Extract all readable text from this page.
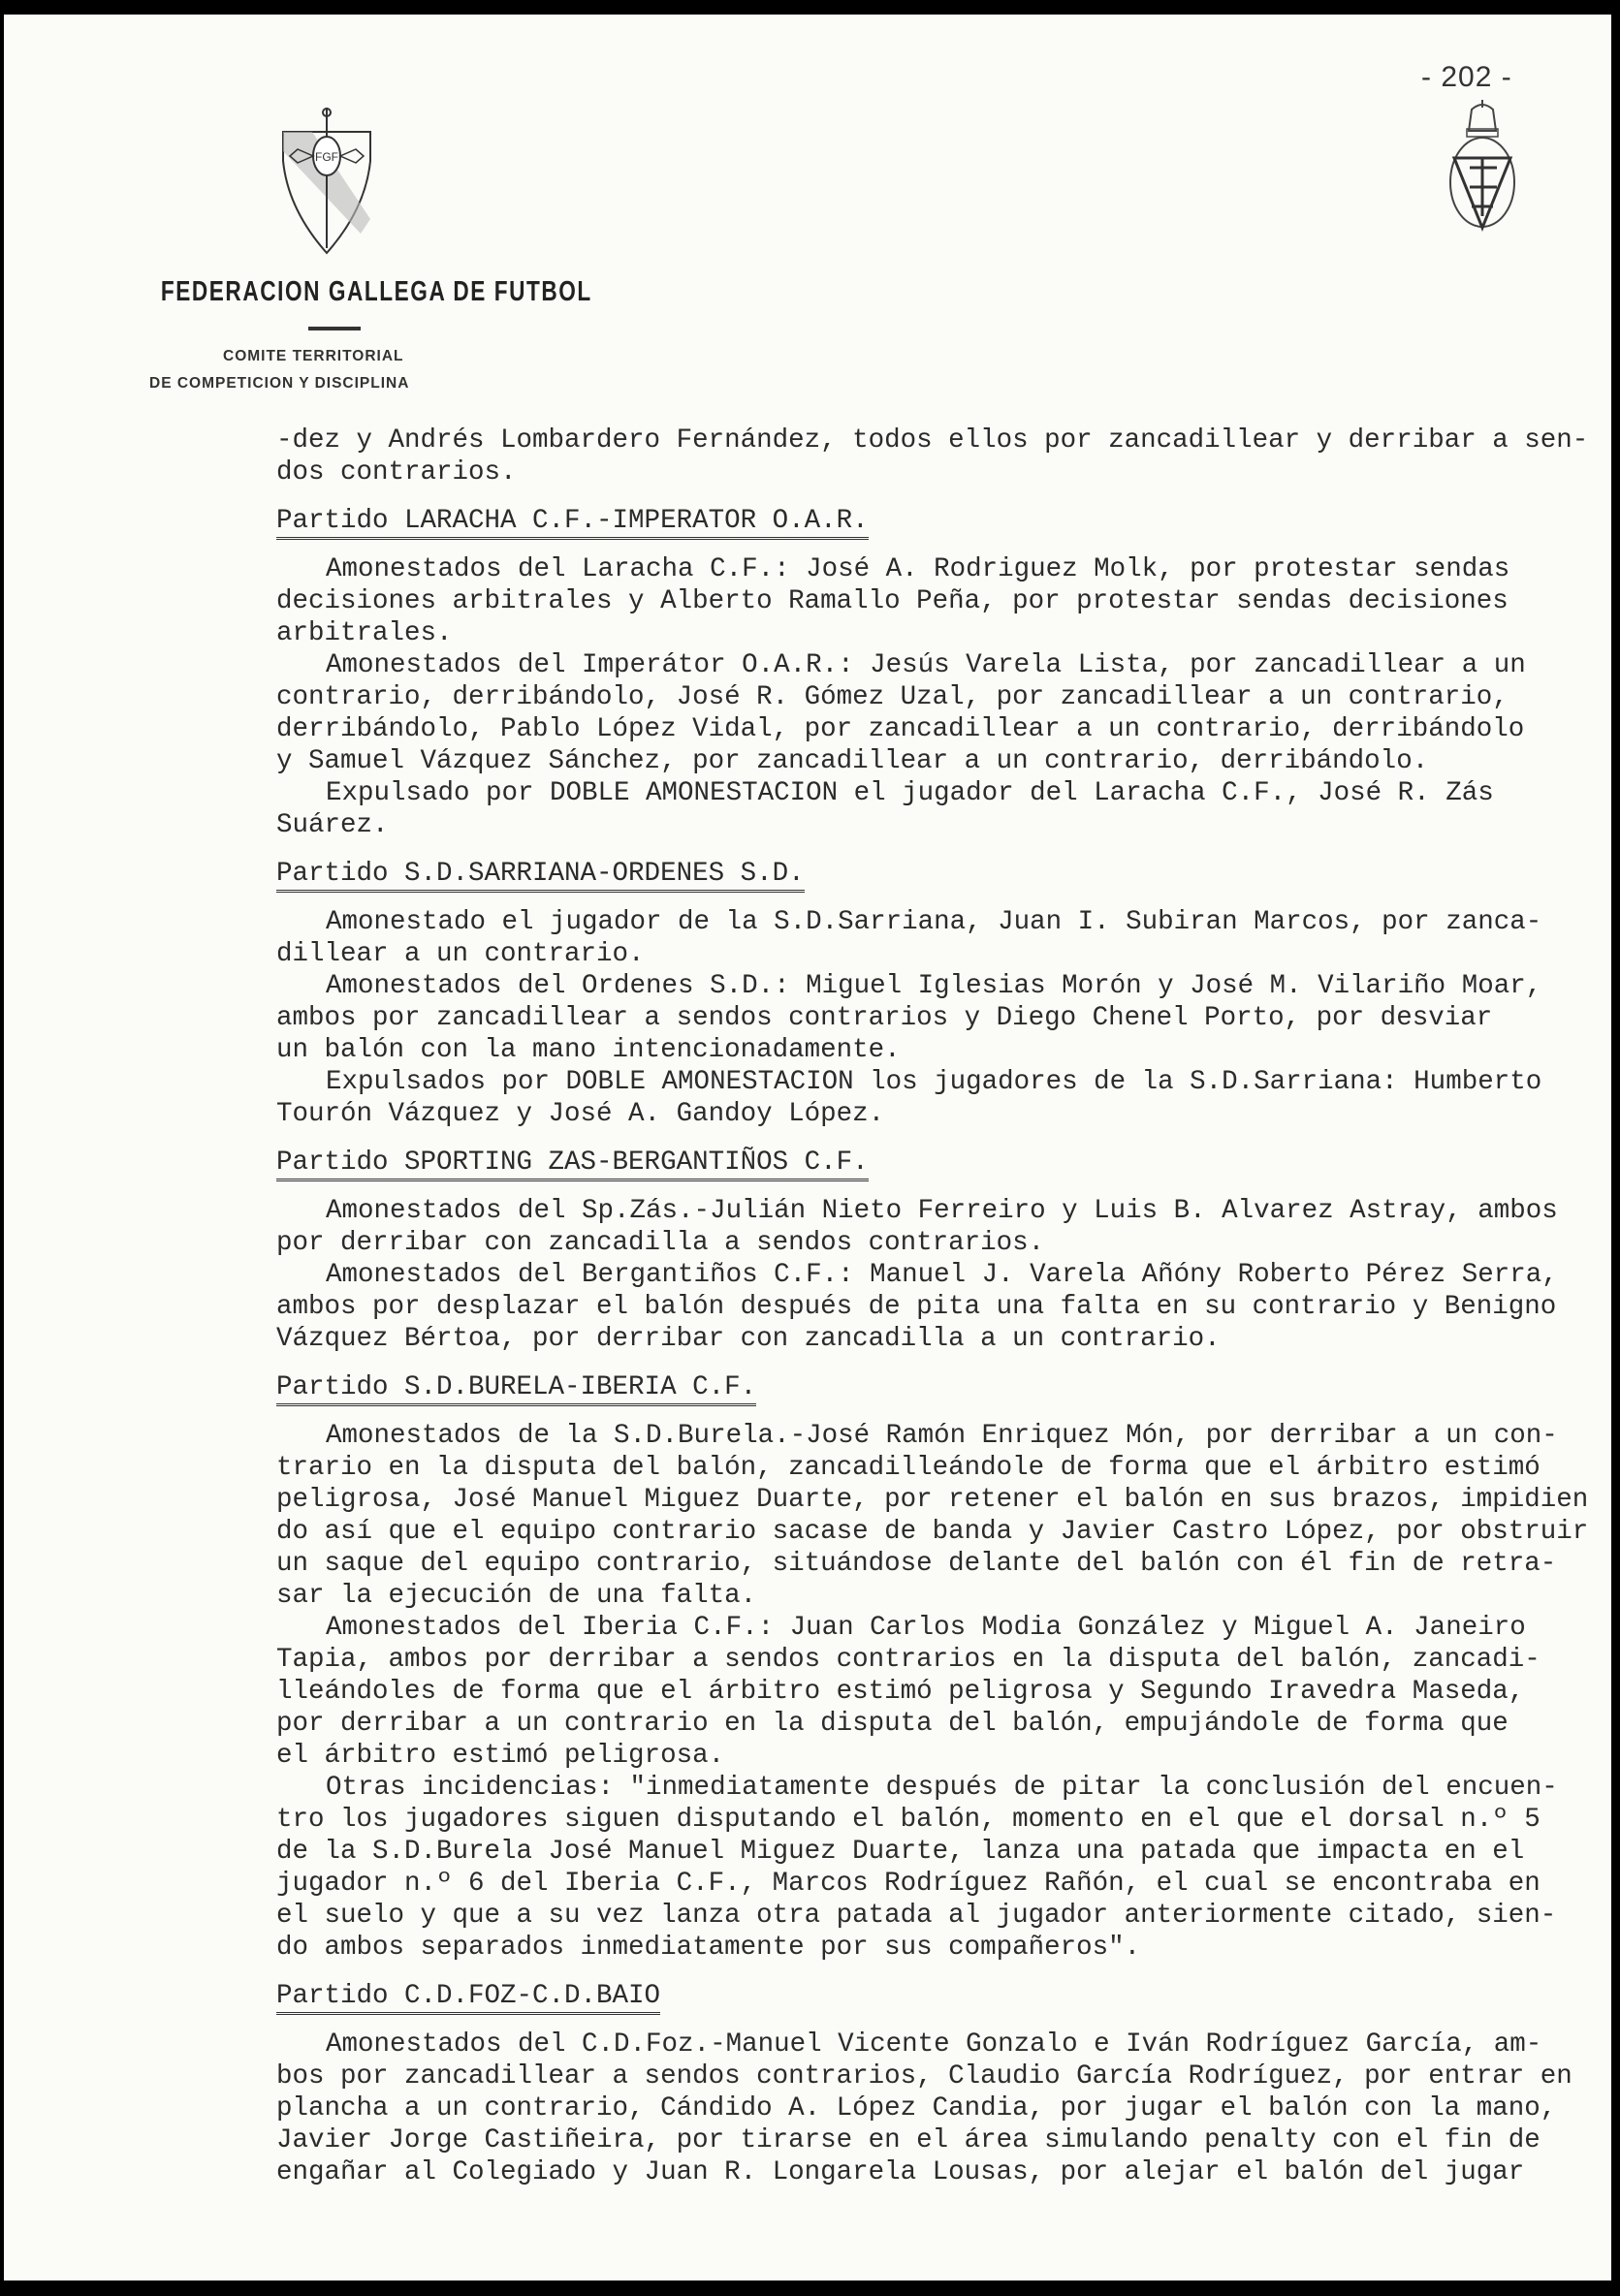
- 202 -
FGF
FEDERACION GALLEGA DE FUTBOL
COMITE TERRITORIAL
DE COMPETICION Y DISCIPLINA
-dez y Andrés Lombardero Fernández, todos ellos por zancadillear y derribar a sen-
dos contrarios.
Partido LARACHA C.F.-IMPERATOR O.A.R.
Amonestados del Laracha C.F.: José A. Rodriguez Molk, por protestar sendas
decisiones arbitrales y Alberto Ramallo Peña, por protestar sendas decisiones
arbitrales.
Amonestados del Imperátor O.A.R.: Jesús Varela Lista, por zancadillear a un
contrario, derribándolo, José R. Gómez Uzal, por zancadillear a un contrario,
derribándolo, Pablo López Vidal, por zancadillear a un contrario, derribándolo
y Samuel Vázquez Sánchez, por zancadillear a un contrario, derribándolo.
Expulsado por DOBLE AMONESTACION el jugador del Laracha C.F., José R. Zás
Suárez.
Partido S.D.SARRIANA-ORDENES S.D.
Amonestado el jugador de la S.D.Sarriana, Juan I. Subiran Marcos, por zanca-
dillear a un contrario.
Amonestados del Ordenes S.D.: Miguel Iglesias Morón y José M. Vilariño Moar,
ambos por zancadillear a sendos contrarios y Diego Chenel Porto, por desviar
un balón con la mano intencionadamente.
Expulsados por DOBLE AMONESTACION los jugadores de la S.D.Sarriana: Humberto
Tourón Vázquez y José A. Gandoy López.
Partido SPORTING ZAS-BERGANTIÑOS C.F.
Amonestados del Sp.Zás.-Julián Nieto Ferreiro y Luis B. Alvarez Astray, ambos
por derribar con zancadilla a sendos contrarios.
Amonestados del Bergantiños C.F.: Manuel J. Varela Añóny Roberto Pérez Serra,
ambos por desplazar el balón después de pita una falta en su contrario y Benigno
Vázquez Bértoa, por derribar con zancadilla a un contrario.
Partido S.D.BURELA-IBERIA C.F.
Amonestados de la S.D.Burela.-José Ramón Enriquez Món, por derribar a un con-
trario en la disputa del balón, zancadilleándole de forma que el árbitro estimó
peligrosa, José Manuel Miguez Duarte, por retener el balón en sus brazos, impidien
do así que el equipo contrario sacase de banda y Javier Castro López, por obstruir
un saque del equipo contrario, situándose delante del balón con él fin de retra-
sar la ejecución de una falta.
Amonestados del Iberia C.F.: Juan Carlos Modia González y Miguel A. Janeiro
Tapia, ambos por derribar a sendos contrarios en la disputa del balón, zancadi-
lleándoles de forma que el árbitro estimó peligrosa y Segundo Iravedra Maseda,
por derribar a un contrario en la disputa del balón, empujándole de forma que
el árbitro estimó peligrosa.
Otras incidencias: "inmediatamente después de pitar la conclusión del encuen-
tro los jugadores siguen disputando el balón, momento en el que el dorsal n.º 5
de la S.D.Burela José Manuel Miguez Duarte, lanza una patada que impacta en el
jugador n.º 6 del Iberia C.F., Marcos Rodríguez Rañón, el cual se encontraba en
el suelo y que a su vez lanza otra patada al jugador anteriormente citado, sien-
do ambos separados inmediatamente por sus compañeros".
Partido C.D.FOZ-C.D.BAIO
Amonestados del C.D.Foz.-Manuel Vicente Gonzalo e Iván Rodríguez García, am-
bos por zancadillear a sendos contrarios, Claudio García Rodríguez, por entrar en
plancha a un contrario, Cándido A. López Candia, por jugar el balón con la mano,
Javier Jorge Castiñeira, por tirarse en el área simulando penalty con el fin de
engañar al Colegiado y Juan R. Longarela Lousas, por alejar el balón del jugar
